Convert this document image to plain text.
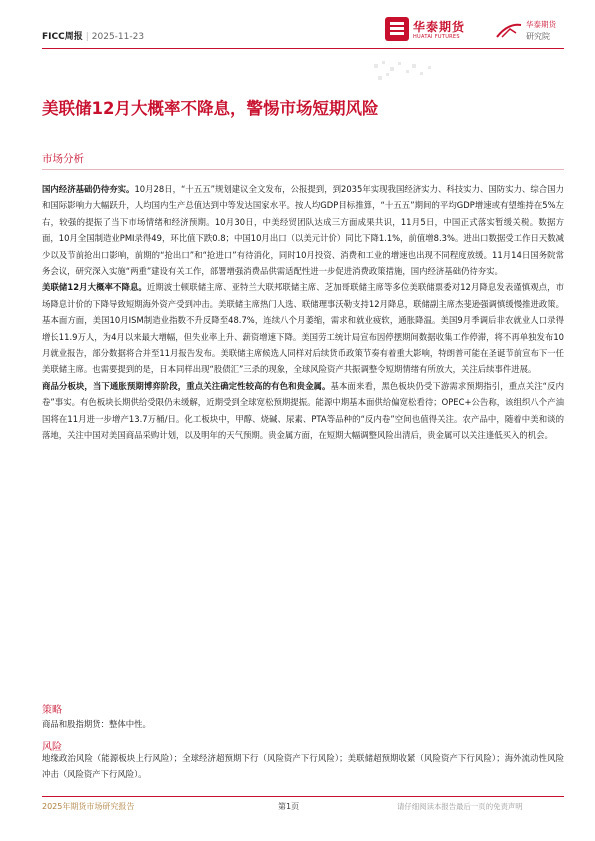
FICC周报 | 2025-11-23
华泰期货
HUATAI FUTURES
华泰期货
研究院
美联储12月大概率不降息，警惕市场短期风险
市场分析

国内经济基础仍待夯实。10月28日，“十五五”规划建议全文发布，公报提到，到2035年实现我国经济实力、科技实力、国防实力、综合国力和国际影响力大幅跃升，人均国内生产总值达到中等发达国家水平。按人均GDP目标推算，“十五五”期间的平均GDP增速或有望维持在5%左右，较强的提振了当下市场情绪和经济预期。10月30日，中美经贸团队达成三方面成果共识，11月5日，中国正式落实暂缓关税。数据方面，10月全国制造业PMI录得49，环比值下跌0.8；中国10月出口（以美元计价）同比下降1.1%，前值增8.3%。进出口数据受工作日天数减少以及节前抢出口影响，前期的“抢出口”和“抢进口”有待消化，同时10月投资、消费和工业的增速也出现不同程度放缓。11月14日国务院常务会议，研究深入实施“两重”建设有关工作，部署增强消费品供需适配性进一步促进消费政策措施，国内经济基础仍待夯实。

美联储12月大概率不降息。近期波士顿联储主席、亚特兰大联邦联储主席、芝加哥联储主席等多位美联储票委对12月降息发表谨慎观点，市场降息计价的下降导致短期海外资产受到冲击。美联储主席热门人选、联储理事沃勒支持12月降息，联储副主席杰斐逊强调慎缓慢推进政策。基本面方面，美国10月ISM制造业指数不升反降至48.7%，连续八个月萎缩，需求和就业疲软，通胀降温。美国9月季调后非农就业人口录得增长11.9万人，为4月以来最大增幅，但失业率上升、薪资增速下降。美国劳工统计局宣布因停摆期间数据收集工作停滞，将不再单独发布10月就业报告，部分数据将合并至11月报告发布。美联储主席候选人同样对后续货币政策节奏有着重大影响，特朗普可能在圣诞节前宣布下一任美联储主席。也需要提到的是，日本同样出现“股债汇”三杀的现象，全球风险资产共振调整令短期情绪有所放大，关注后续事件进展。

商品分板块，当下通胀预期博弈阶段，重点关注确定性较高的有色和贵金属。基本面来看，黑色板块仍受下游需求预期指引，重点关注“反内卷”事实。有色板块长期供给受限仍未缓解，近期受到全球宽松预期提振。能源中期基本面供给偏宽松看待；OPEC+公告称，该组织八个产油国将在11月进一步增产13.7万桶/日。化工板块中，甲醇、烧碱、尿素、PTA等品种的“反内卷”空间也值得关注。农产品中，随着中美和谈的落地，关注中国对美国商品采购计划，以及明年的天气预期。贵金属方面，在短期大幅调整风险出清后，贵金属可以关注逢低买入的机会。

策略
商品和股指期货：整体中性。
风险
地缘政治风险（能源板块上行风险）；全球经济超预期下行（风险资产下行风险）；美联储超预期收紧（风险资产下行风险）；海外流动性风险冲击（风险资产下行风险）。
2025年期货市场研究报告	第1页	请仔细阅读本报告最后一页的免责声明
